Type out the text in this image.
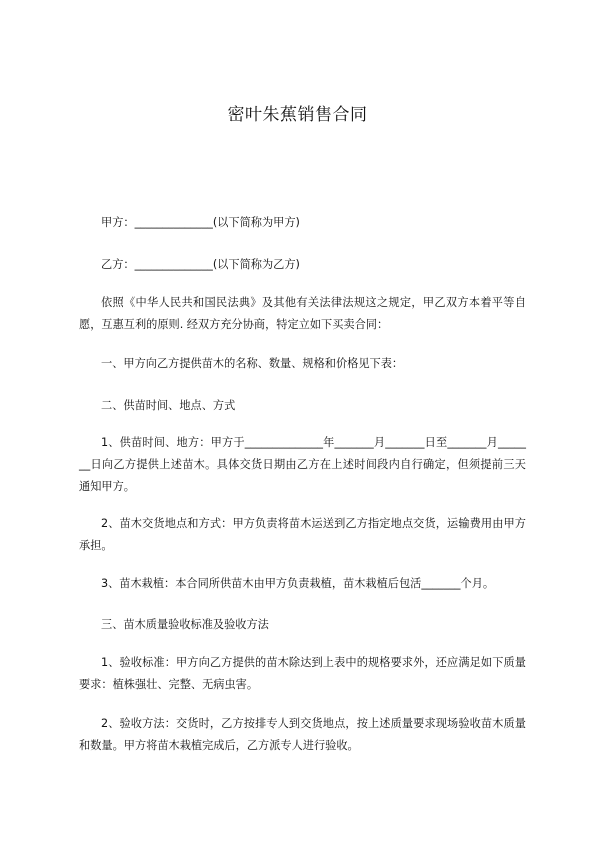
密叶朱蕉销售合同
甲方：______________(以下简称为甲方)
乙方：______________(以下简称为乙方)
依照《中华人民共和国民法典》及其他有关法律法规这之规定，甲乙双方本着平等自愿，互惠互利的原则. 经双方充分协商，特定立如下买卖合同：
一、甲方向乙方提供苗木的名称、数量、规格和价格见下表：
二、供苗时间、地点、方式
1、供苗时间、地方：甲方于______________年_______月_______日至_______月_______日向乙方提供上述苗木。具体交货日期由乙方在上述时间段内自行确定，但须提前三天通知甲方。
2、苗木交货地点和方式：甲方负责将苗木运送到乙方指定地点交货，运输费用由甲方承担。
3、苗木栽植：本合同所供苗木由甲方负责栽植，苗木栽植后包活_______个月。
三、苗木质量验收标准及验收方法
1、验收标准：甲方向乙方提供的苗木除达到上表中的规格要求外，还应满足如下质量要求：植株强壮、完整、无病虫害。
2、验收方法：交货时，乙方按排专人到交货地点，按上述质量要求现场验收苗木质量和数量。甲方将苗木栽植完成后，乙方派专人进行验收。
